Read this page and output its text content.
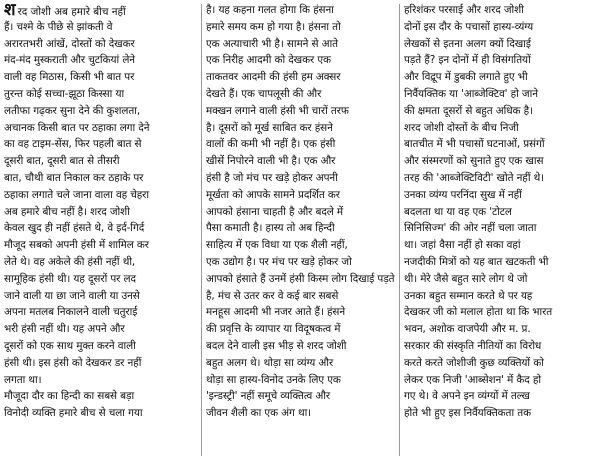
शरद जोशी अब हमारे बीच नहीं
हैं। चश्मे के पीछे से झांकती वे
अरारतभरी आंखें, दोस्तों को देखकर
मंद-मंद मुस्कराती और चुटकियां लेने
वाली वह मिठास, किसी भी बात पर
तुरन्त कोई सच्चा-झूठा किस्सा या
लतीफा गढ़कर सुना देने की कुशलता,
अचानक किसी बात पर ठहाका लगा देने
का वह टाइम-सेंस, फिर पहली बात से
दूसरी बात, दूसरी बात से तीसरी
बात, चौथी बात निकाल कर ठहाके पर
ठहाका लगाते चले जाना वाला वह चेहरा
अब हमारे बीच नहीं है। शरद जोशी
केवल खुद ही नहीं हंसते थे, वे इर्द-गिर्द
मौजूद सबको अपनी हंसी में शामिल कर
लेते थे। वह अकेले की हंसी नहीं थी,
सामूहिक हंसी थी। यह दूसरों पर लद
जाने वाली या छा जाने वाली या उनसे
अपना मतलब निकालने वाली चतुराई
भरी हंसी नहीं थी। यह अपने और
दूसरों को एक साथ मुक्त करने वाली
हंसी थी। इस हंसी को देखकर डर नहीं
लगता था।
मौजूदा दौर का हिन्दी का सबसे बड़ा
विनोदी व्यक्ति हमारे बीच से चला गया
है। यह कहना गलत होगा कि हंसना
हमारे समय कम हो गया है। हंसना तो
एक अत्याचारी भी है। सामने से आते
एक निरीह आदमी को देखकर एक
ताकतवर आदमी की हंसी हम अक्सर
देखते हैं। एक चापलूसी की और
मक्खन लगाने वाली हंसी भी चारों तरफ
है। दूसरों को मूर्ख साबित कर हंसने
वालों की कमी भी नहीं है। एक हंसी
खीसें निपोरने वाली भी है। एक और
हंसी है जो मंच पर खड़े होकर अपनी
मूर्खता को आपके सामने प्रदर्शित कर
आपको हंसाना चाहती है और बदले में
पैसा कमाती है। हास्य तो अब हिन्दी
साहित्य में एक विधा या एक शैली नहीं,
एक उद्योग है। पर मंच पर खड़े होकर जो
आपको हंसाते हैं उनमें हंसी किस्म लोग दिखाई पड़ते
है, मंच से उतर कर वे कई बार सबसे
मनहूस आदमी भी नजर आते हैं। हंसने
की प्रवृत्ति के व्यापार या विदूषकत्व में
बदल देने वाली इस भीड़ से शरद जोशी
बहुत अलग थे। थोड़ा सा व्यंग्य और
थोड़ा सा हास्य-विनोद उनके लिए एक
'इन्डस्ट्री' नहीं समूचे व्यक्तित्व और
जीवन शैली का एक अंग था।
हरिशंकर परसाई और शरद जोशी
दोनों इस दौर के पचासों हास्य-व्यंग्य
लेखकों से इतना अलग क्यों दिखाई
पड़ते हैं? इन दोनों में ही विसंगतियों
और विद्रूप में डुबकी लगाते हुए भी
निर्वैयक्तिक या 'आब्जेक्टिव' हो जाने
की क्षमता दूसरों से बहुत अधिक है।
शरद जोशी दोस्तों के बीच निजी
बातचीत में भी पचासों घटनाओं, प्रसंगों
और संस्मरणों को सुनाते हुए एक खास
तरह की 'आब्जेक्टिविटी' खोते नहीं थे।
उनका व्यंग्य परनिंदा सुख में नहीं
बदलता था या वह एक 'टोटल
सिनिसिज्म' की ओर नहीं चला जाता
था। जहां वैसा नहीं हो सका वहां
नजदीकी मित्रों को यह बात खटकती भी
थी। मेरे जैसे बहुत सारे लोग थे जो
उनका बहुत सम्मान करते थे पर यह
देखकर जी को मलाल होता था कि भारत
भवन, अशोक वाजपेयी और म. प्र.
सरकार की संस्कृति नीतियों का विरोध
करते करते जोशीजी कुछ व्यक्तियों को
लेकर एक निजी 'आब्सेशन' में कैद हो
गए थे। वे अपने इन व्यंग्यों में तल्ख
होते भी हुए इस निर्वैयक्तिकता तक
